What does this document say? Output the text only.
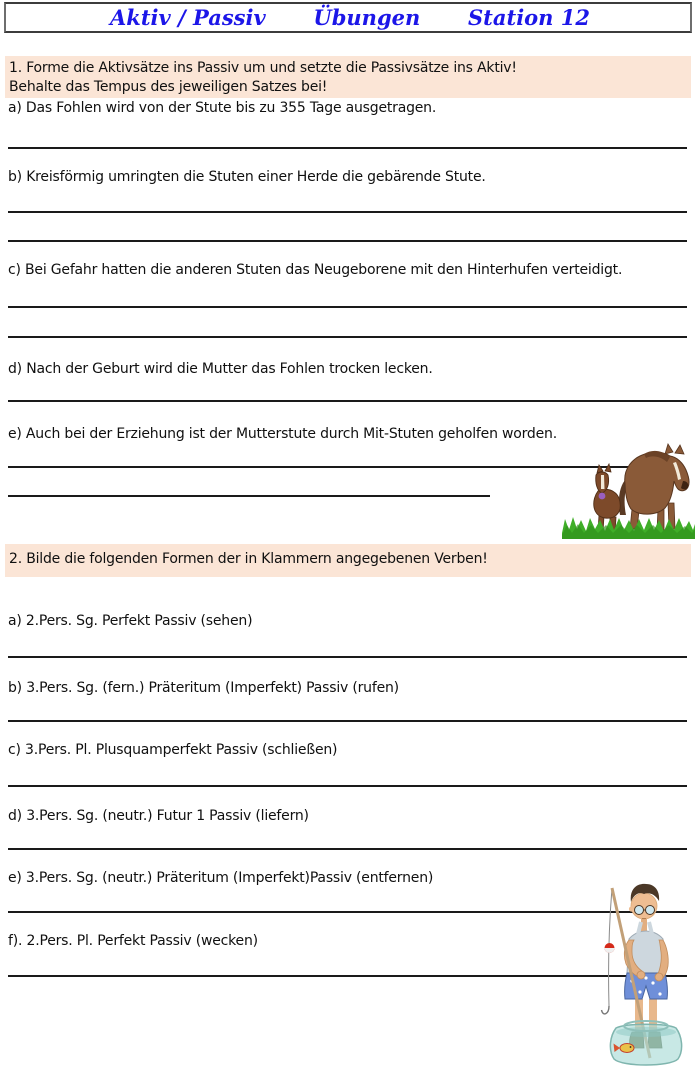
Aktiv / Passiv Übungen Station 12
1. Forme die Aktivsätze ins Passiv um und setzte die Passivsätze ins Aktiv!
Behalte das Tempus des jeweiligen Satzes bei!
a) Das Fohlen wird von der Stute bis zu 355 Tage ausgetragen.
b) Kreisförmig umringten die Stuten einer Herde die gebärende Stute.
c) Bei Gefahr hatten die anderen Stuten das Neugeborene mit den Hinterhufen verteidigt.
d) Nach der Geburt wird die Mutter das Fohlen trocken lecken.
e) Auch bei der Erziehung ist der Mutterstute durch Mit-Stuten geholfen worden.
2. Bilde die folgenden Formen der in Klammern angegebenen Verben!
a) 2.Pers. Sg. Perfekt Passiv (sehen)
b) 3.Pers. Sg. (fern.) Präteritum (Imperfekt) Passiv (rufen)
c) 3.Pers. Pl. Plusquamperfekt Passiv (schließen)
d) 3.Pers. Sg. (neutr.) Futur 1 Passiv (liefern)
e) 3.Pers. Sg. (neutr.) Präteritum (Imperfekt)Passiv (entfernen)
f). 2.Pers. Pl. Perfekt Passiv (wecken)
